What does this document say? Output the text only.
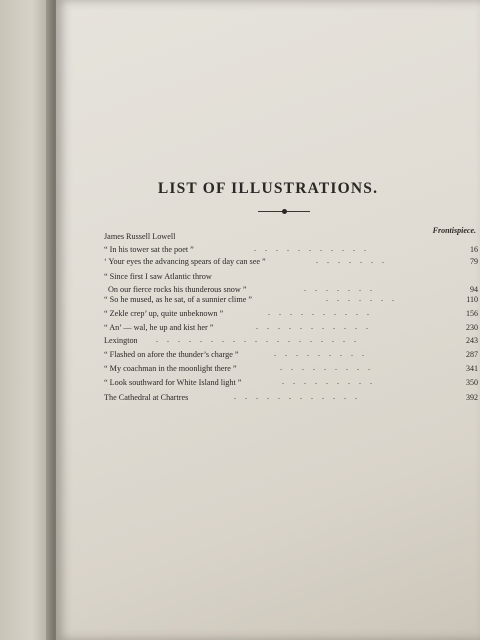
LIST OF ILLUSTRATIONS.
James Russell Lowell
Frontispiece.
“ In his tower sat the poet ”	...........	16
‘ Your eyes the advancing spears of day can see ”	.......	79
“ Since first I saw Atlantic throw
On our fierce rocks his thunderous snow ”	.......	94
“ So he mused, as he sat, of a sunnier clime ”	.......	110
“ Zekle crep’ up, quite unbeknown ”	..........	156
“ An’ — wal, he up and kist her ”	...........	230
Lexington ...................	243
“ Flashed on afore the thunder’s charge ”	.........	287
“ My coachman in the moonlight there ”	.........	341
“ Look southward for White Island light ”	.........	350
The Cathedral at Chartres	............	392
